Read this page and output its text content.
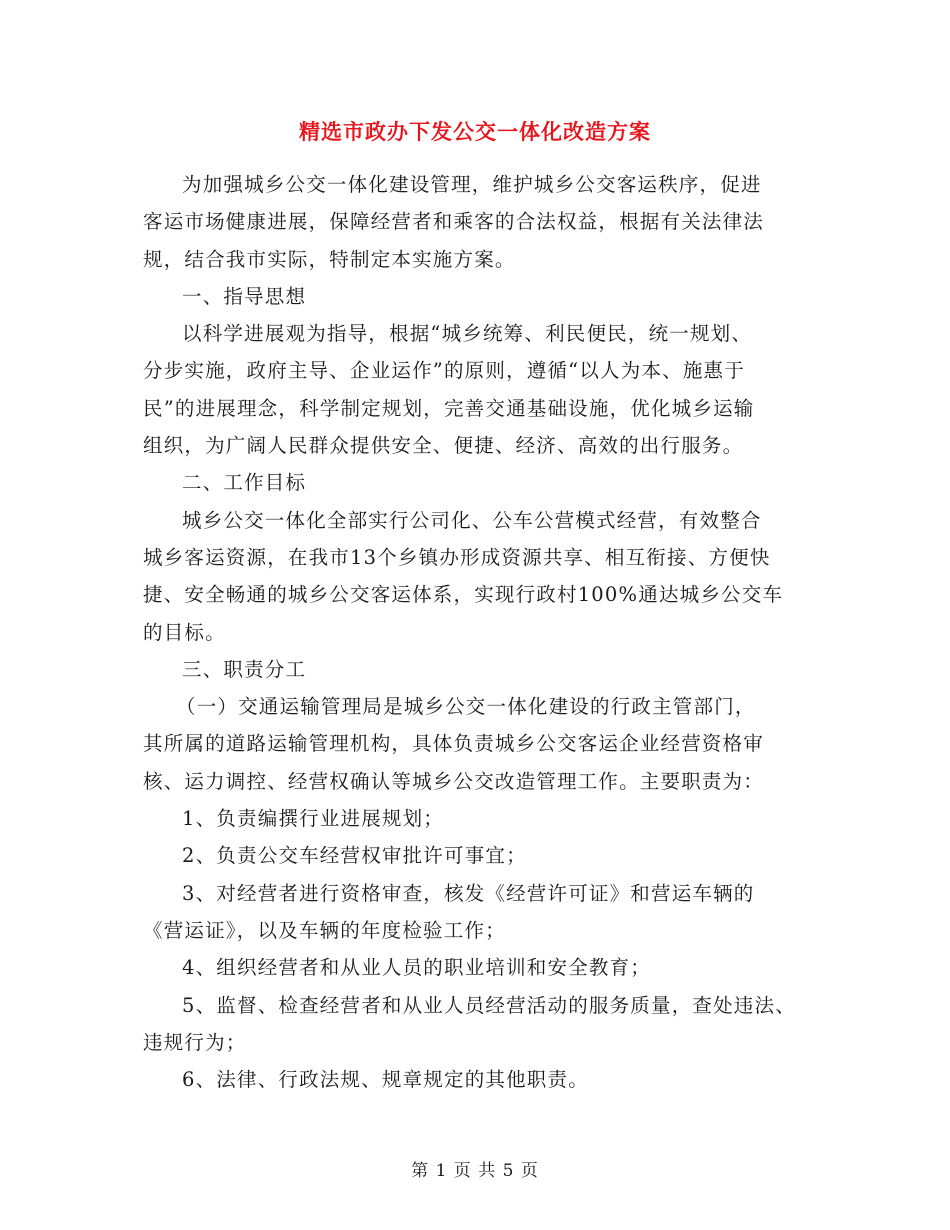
精选市政办下发公交一体化改造方案
为加强城乡公交一体化建设管理，维护城乡公交客运秩序，促进
客运市场健康进展，保障经营者和乘客的合法权益，根据有关法律法
规，结合我市实际，特制定本实施方案。
一、指导思想
以科学进展观为指导，根据“城乡统筹、利民便民，统一规划、
分步实施，政府主导、企业运作”的原则，遵循“以人为本、施惠于
民”的进展理念，科学制定规划，完善交通基础设施，优化城乡运输
组织，为广阔人民群众提供安全、便捷、经济、高效的出行服务。
二、工作目标
城乡公交一体化全部实行公司化、公车公营模式经营，有效整合
城乡客运资源，在我市13个乡镇办形成资源共享、相互衔接、方便快
捷、安全畅通的城乡公交客运体系，实现行政村100%通达城乡公交车
的目标。
三、职责分工
（一）交通运输管理局是城乡公交一体化建设的行政主管部门，
其所属的道路运输管理机构，具体负责城乡公交客运企业经营资格审
核、运力调控、经营权确认等城乡公交改造管理工作。主要职责为：
1、负责编撰行业进展规划；
2、负责公交车经营权审批许可事宜；
3、对经营者进行资格审查，核发《经营许可证》和营运车辆的
《营运证》，以及车辆的年度检验工作；
4、组织经营者和从业人员的职业培训和安全教育；
5、监督、检查经营者和从业人员经营活动的服务质量，查处违法、
违规行为；
6、法律、行政法规、规章规定的其他职责。
第 1 页 共 5 页
